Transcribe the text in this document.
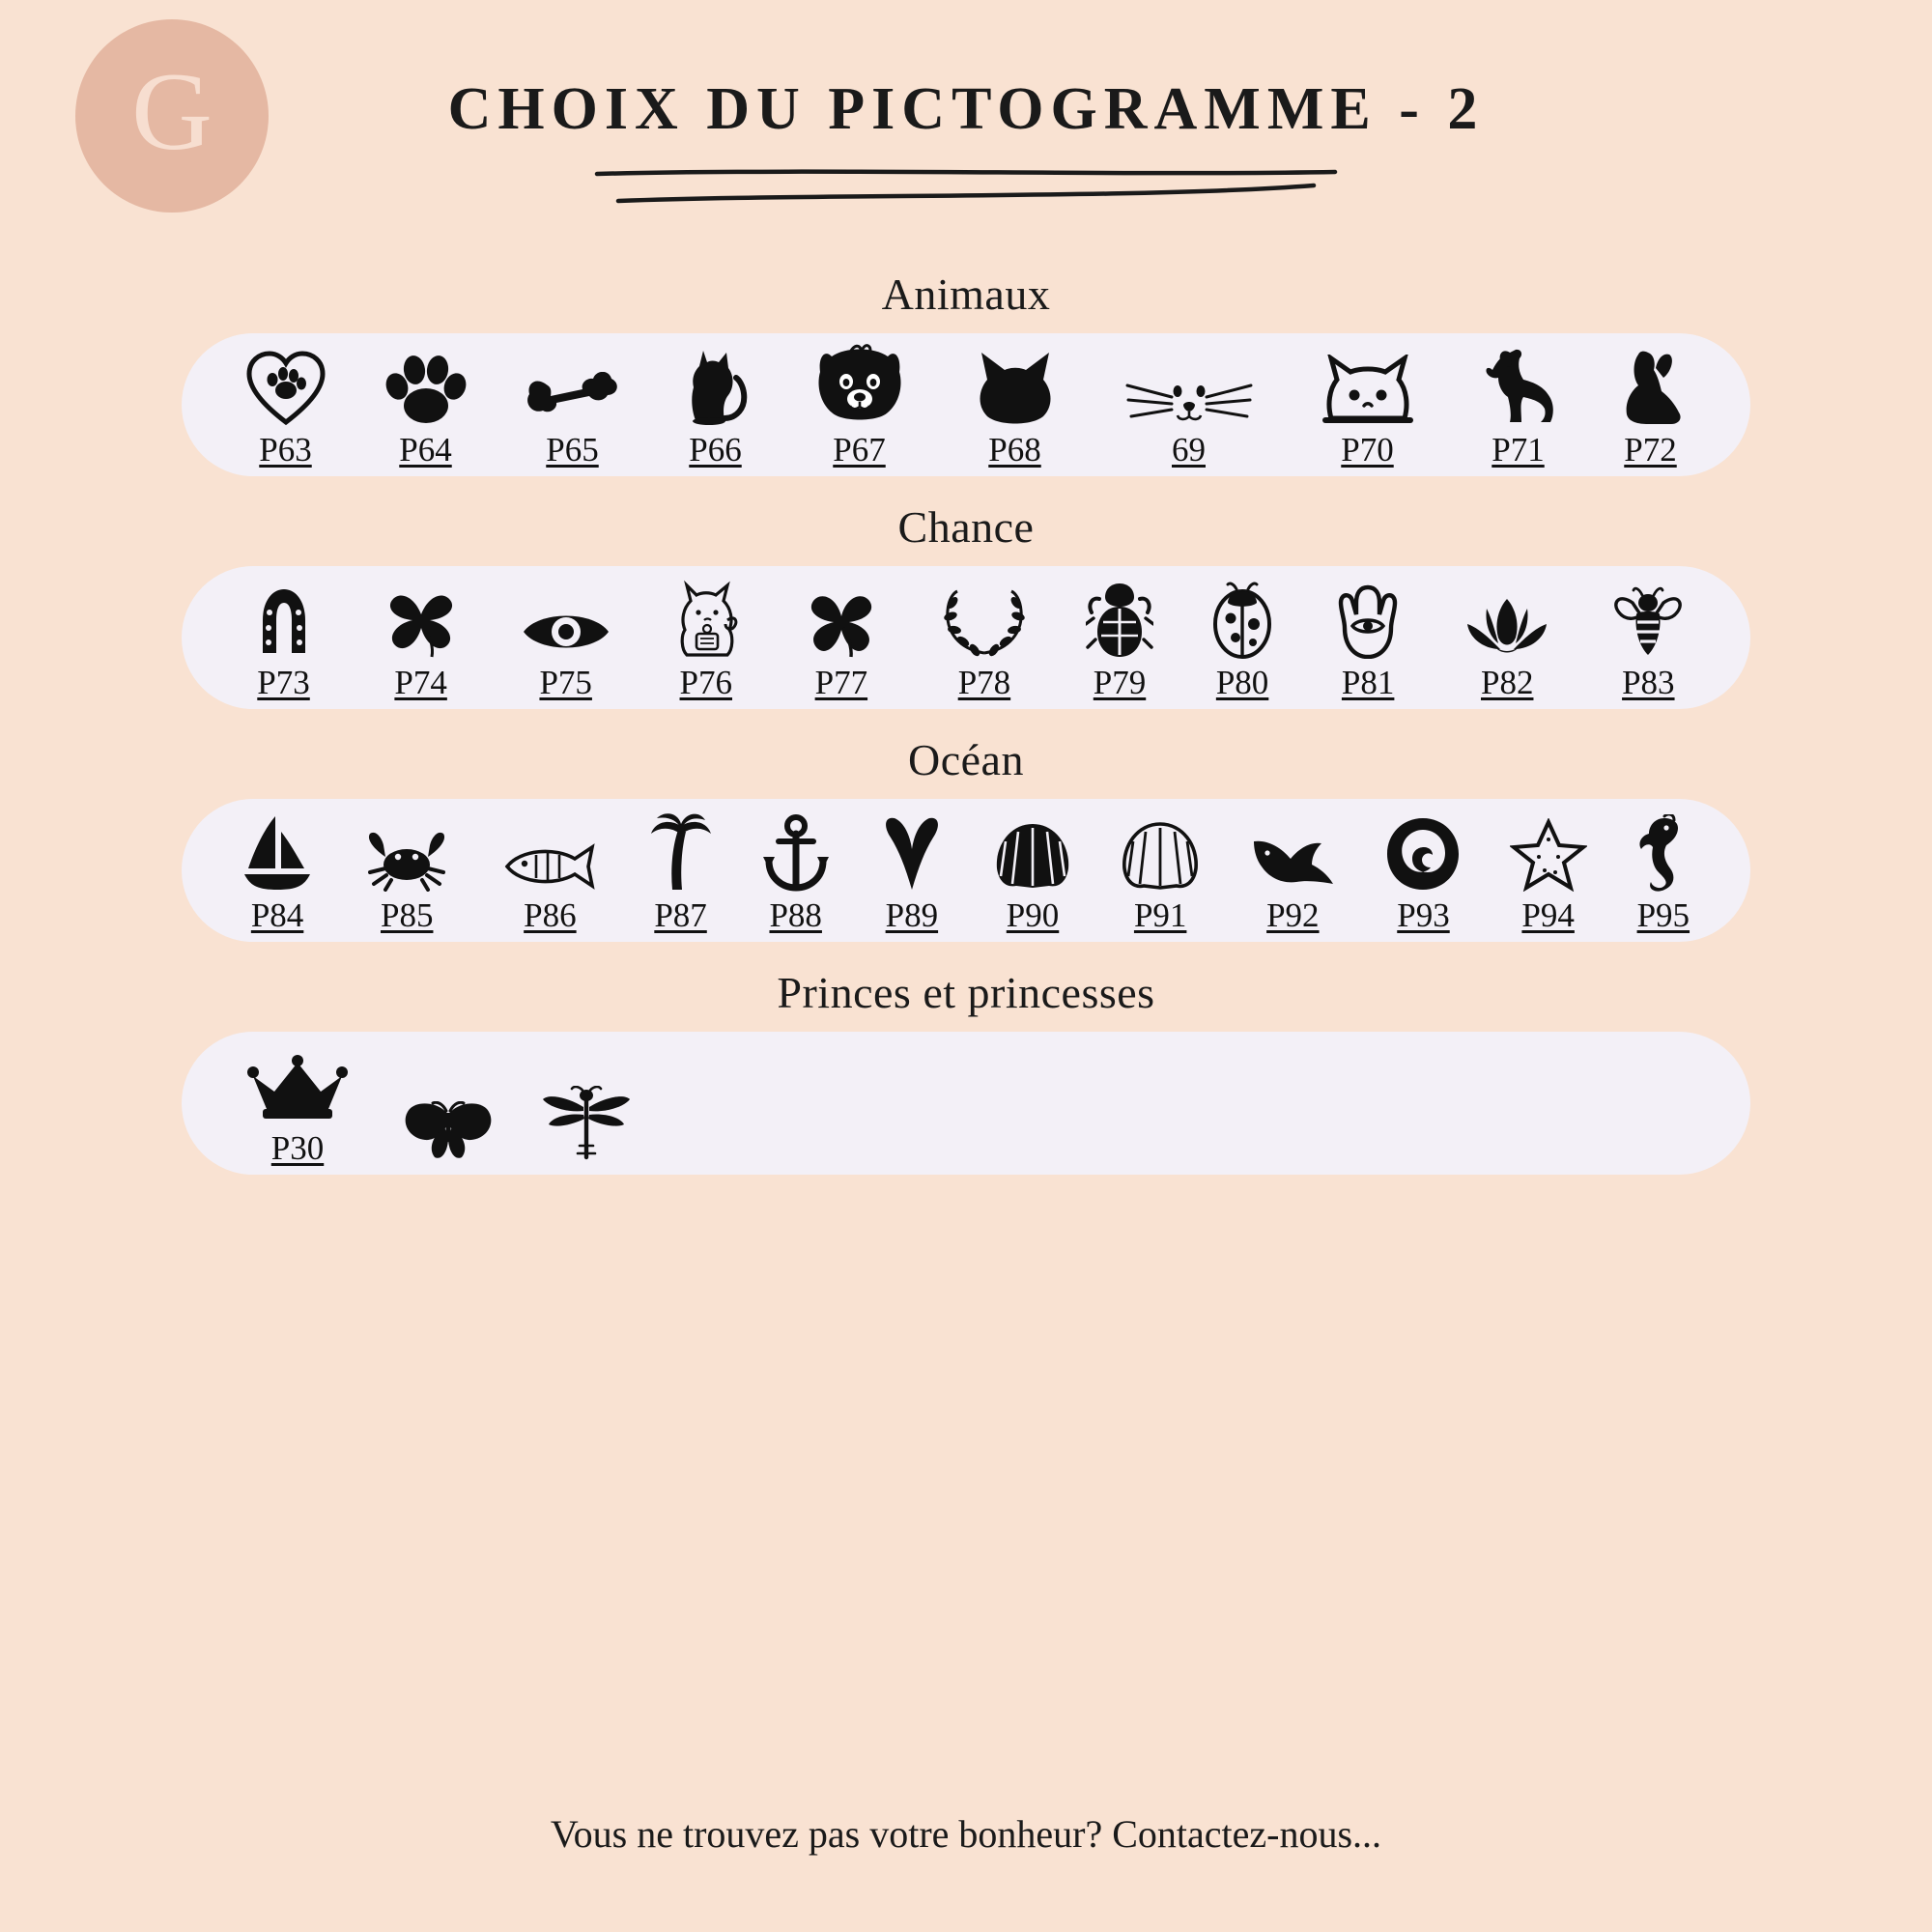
G	CHOIX DU PICTOGRAMME - 2
Animaux
P63	P64	P65	P66	P67	P68	69	P70	P71 P72
Chance
P73	P74	P75	P76 P77	P78 P79 P80 P81	P82	P83
Océan
P84 P85	P86 P87 P88 P89 P90 P91 P92 P93 P94 P95
Princes et princesses
P30
Vous ne trouvez pas votre bonheur? Contactez-nous...
